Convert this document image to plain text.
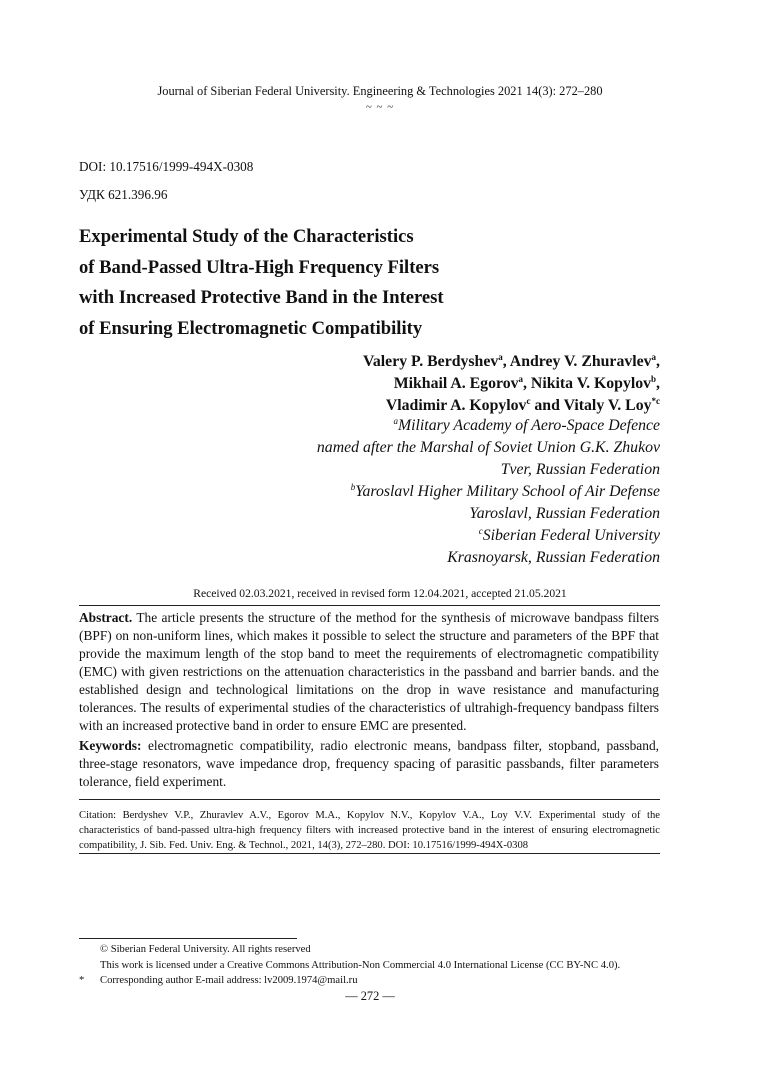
Journal of Siberian Federal University. Engineering & Technologies 2021 14(3): 272–280
~ ~ ~
DOI: 10.17516/1999-494X-0308
УДК 621.396.96
Experimental Study of the Characteristics
of Band-Passed Ultra-High Frequency Filters
with Increased Protective Band in the Interest
of Ensuring Electromagnetic Compatibility
Valery P. Berdyshev$^a$, Andrey V. Zhuravlev$^a$,
Mikhail A. Egorov$^a$, Nikita V. Kopylov$^b$,
Vladimir A. Kopylov$^c$ and Vitaly V. Loy$^{*c}$
$^a$Military Academy of Aero-Space Defence
named after the Marshal of Soviet Union G.K. Zhukov
Tver, Russian Federation
$^b$Yaroslavl Higher Military School of Air Defense
Yaroslavl, Russian Federation
$^c$Siberian Federal University
Krasnoyarsk, Russian Federation
Received 02.03.2021, received in revised form 12.04.2021, accepted 21.05.2021
Abstract. The article presents the structure of the method for the synthesis of microwave bandpass filters (BPF) on non-uniform lines, which makes it possible to select the structure and parameters of the BPF that provide the maximum length of the stop band to meet the requirements of electromagnetic compatibility (EMC) with given restrictions on the attenuation characteristics in the passband and barrier bands. and the established design and technological limitations on the drop in wave resistance and manufacturing tolerances. The results of experimental studies of the characteristics of ultrahigh-frequency bandpass filters with an increased protective band in order to ensure EMC are presented.
Keywords: electromagnetic compatibility, radio electronic means, bandpass filter, stopband, passband, three-stage resonators, wave impedance drop, frequency spacing of parasitic passbands, filter parameters tolerance, field experiment.
Citation: Berdyshev V.P., Zhuravlev A.V., Egorov M.A., Kopylov N.V., Kopylov V.A., Loy V.V. Experimental study of the characteristics of band-passed ultra-high frequency filters with increased protective band in the interest of ensuring electromagnetic compatibility, J. Sib. Fed. Univ. Eng. & Technol., 2021, 14(3), 272–280. DOI: 10.17516/1999-494X-0308
© Siberian Federal University. All rights reserved
This work is licensed under a Creative Commons Attribution-Non Commercial 4.0 International License (CC BY-NC 4.0).
* Corresponding author E-mail address: lv2009.1974@mail.ru
— 272 —
